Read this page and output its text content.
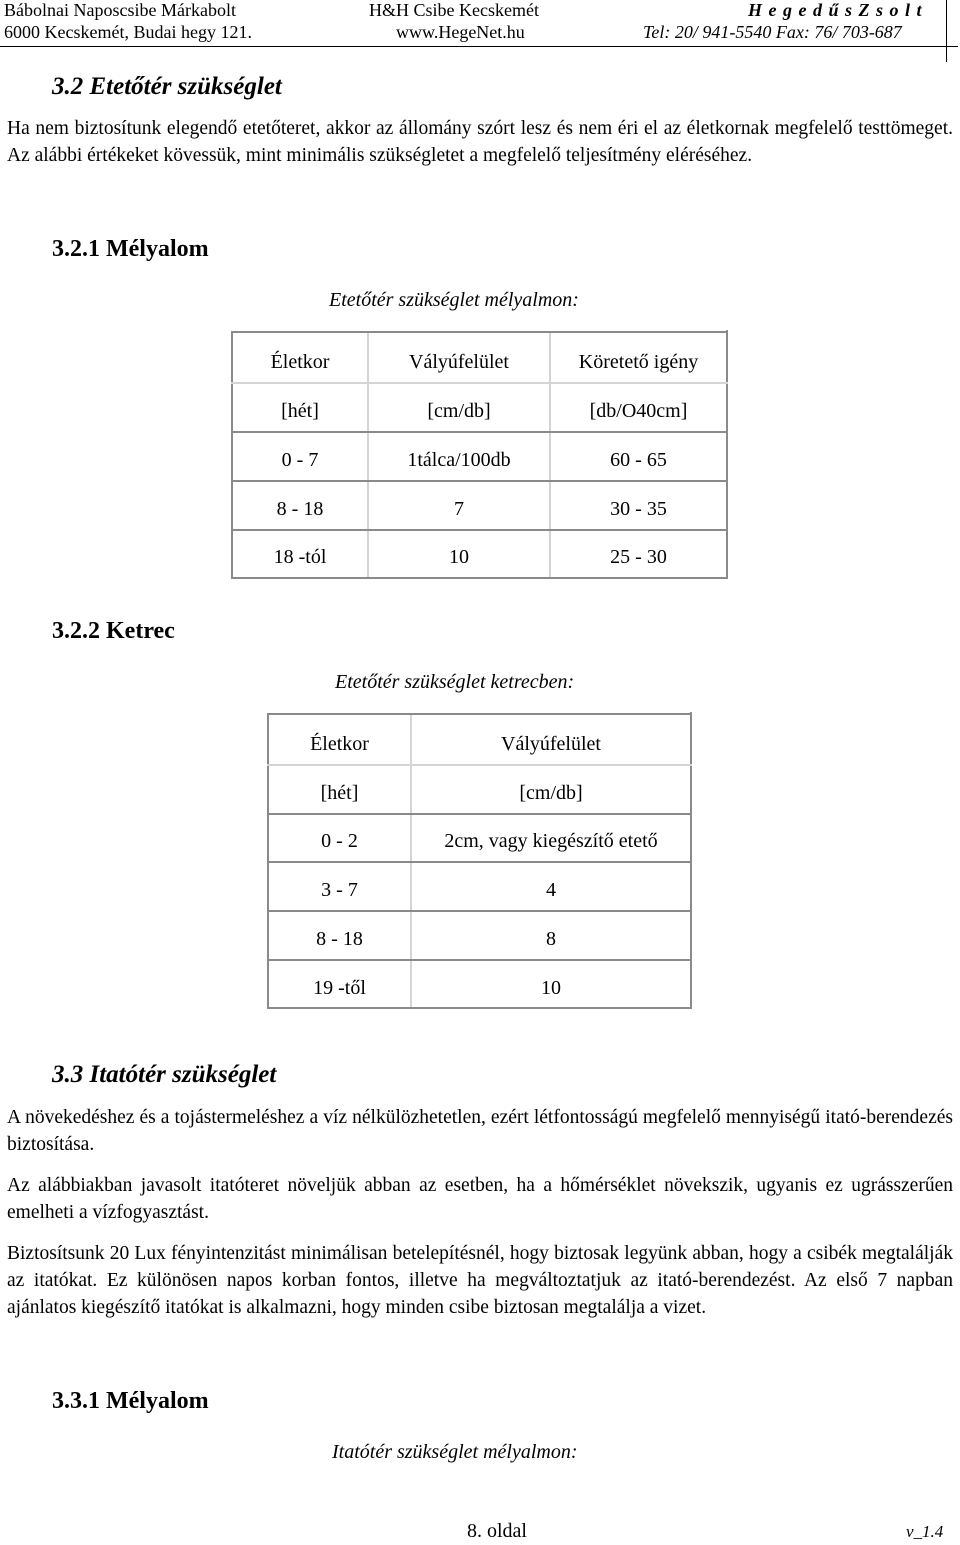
Bábolnai Naposcsibe Márkabolt
6000 Kecskemét, Budai hegy 121.
H&H Csibe Kecskemét
www.HegeNet.hu
H e g e d ű s Z s o l t
Tel: 20/ 941-5540 Fax: 76/ 703-687
3.2 Etetőtér szükséglet
Ha nem biztosítunk elegendő etetőteret, akkor az állomány szórt lesz és nem éri el az életkornak megfelelő testtömeget. Az alábbi értékeket kövessük, mint minimális szükségletet a megfelelő teljesítmény eléréséhez.
3.2.1 Mélyalom
Etetőtér szükséglet mélyalmon:
Életkor	Vályúfelület	Köretető igény
[hét]	[cm/db]	[db/O40cm]
0 - 7	1tálca/100db	60 - 65
8 - 18	7	30 - 35
18 -tól	10	25 - 30
3.2.2 Ketrec
Etetőtér szükséglet ketrecben:
Életkor	Vályúfelület
[hét]	[cm/db]
0 - 2	2cm, vagy kiegészítő etető
3 - 7	4
8 - 18	8
19 -től	10
3.3 Itatótér szükséglet
A növekedéshez és a tojástermeléshez a víz nélkülözhetetlen, ezért létfontosságú megfelelő mennyiségű itató-berendezés biztosítása.
Az alábbiakban javasolt itatóteret növeljük abban az esetben, ha a hőmérséklet növekszik, ugyanis ez ugrásszerűen emelheti a vízfogyasztást.
Biztosítsunk 20 Lux fényintenzitást minimálisan betelepítésnél, hogy biztosak legyünk abban, hogy a csibék megtalálják az itatókat. Ez különösen napos korban fontos, illetve ha megváltoztatjuk az itató-berendezést. Az első 7 napban ajánlatos kiegészítő itatókat is alkalmazni, hogy minden csibe biztosan megtalálja a vizet.
3.3.1 Mélyalom
Itatótér szükséglet mélyalmon:
8. oldal	v_1.4
